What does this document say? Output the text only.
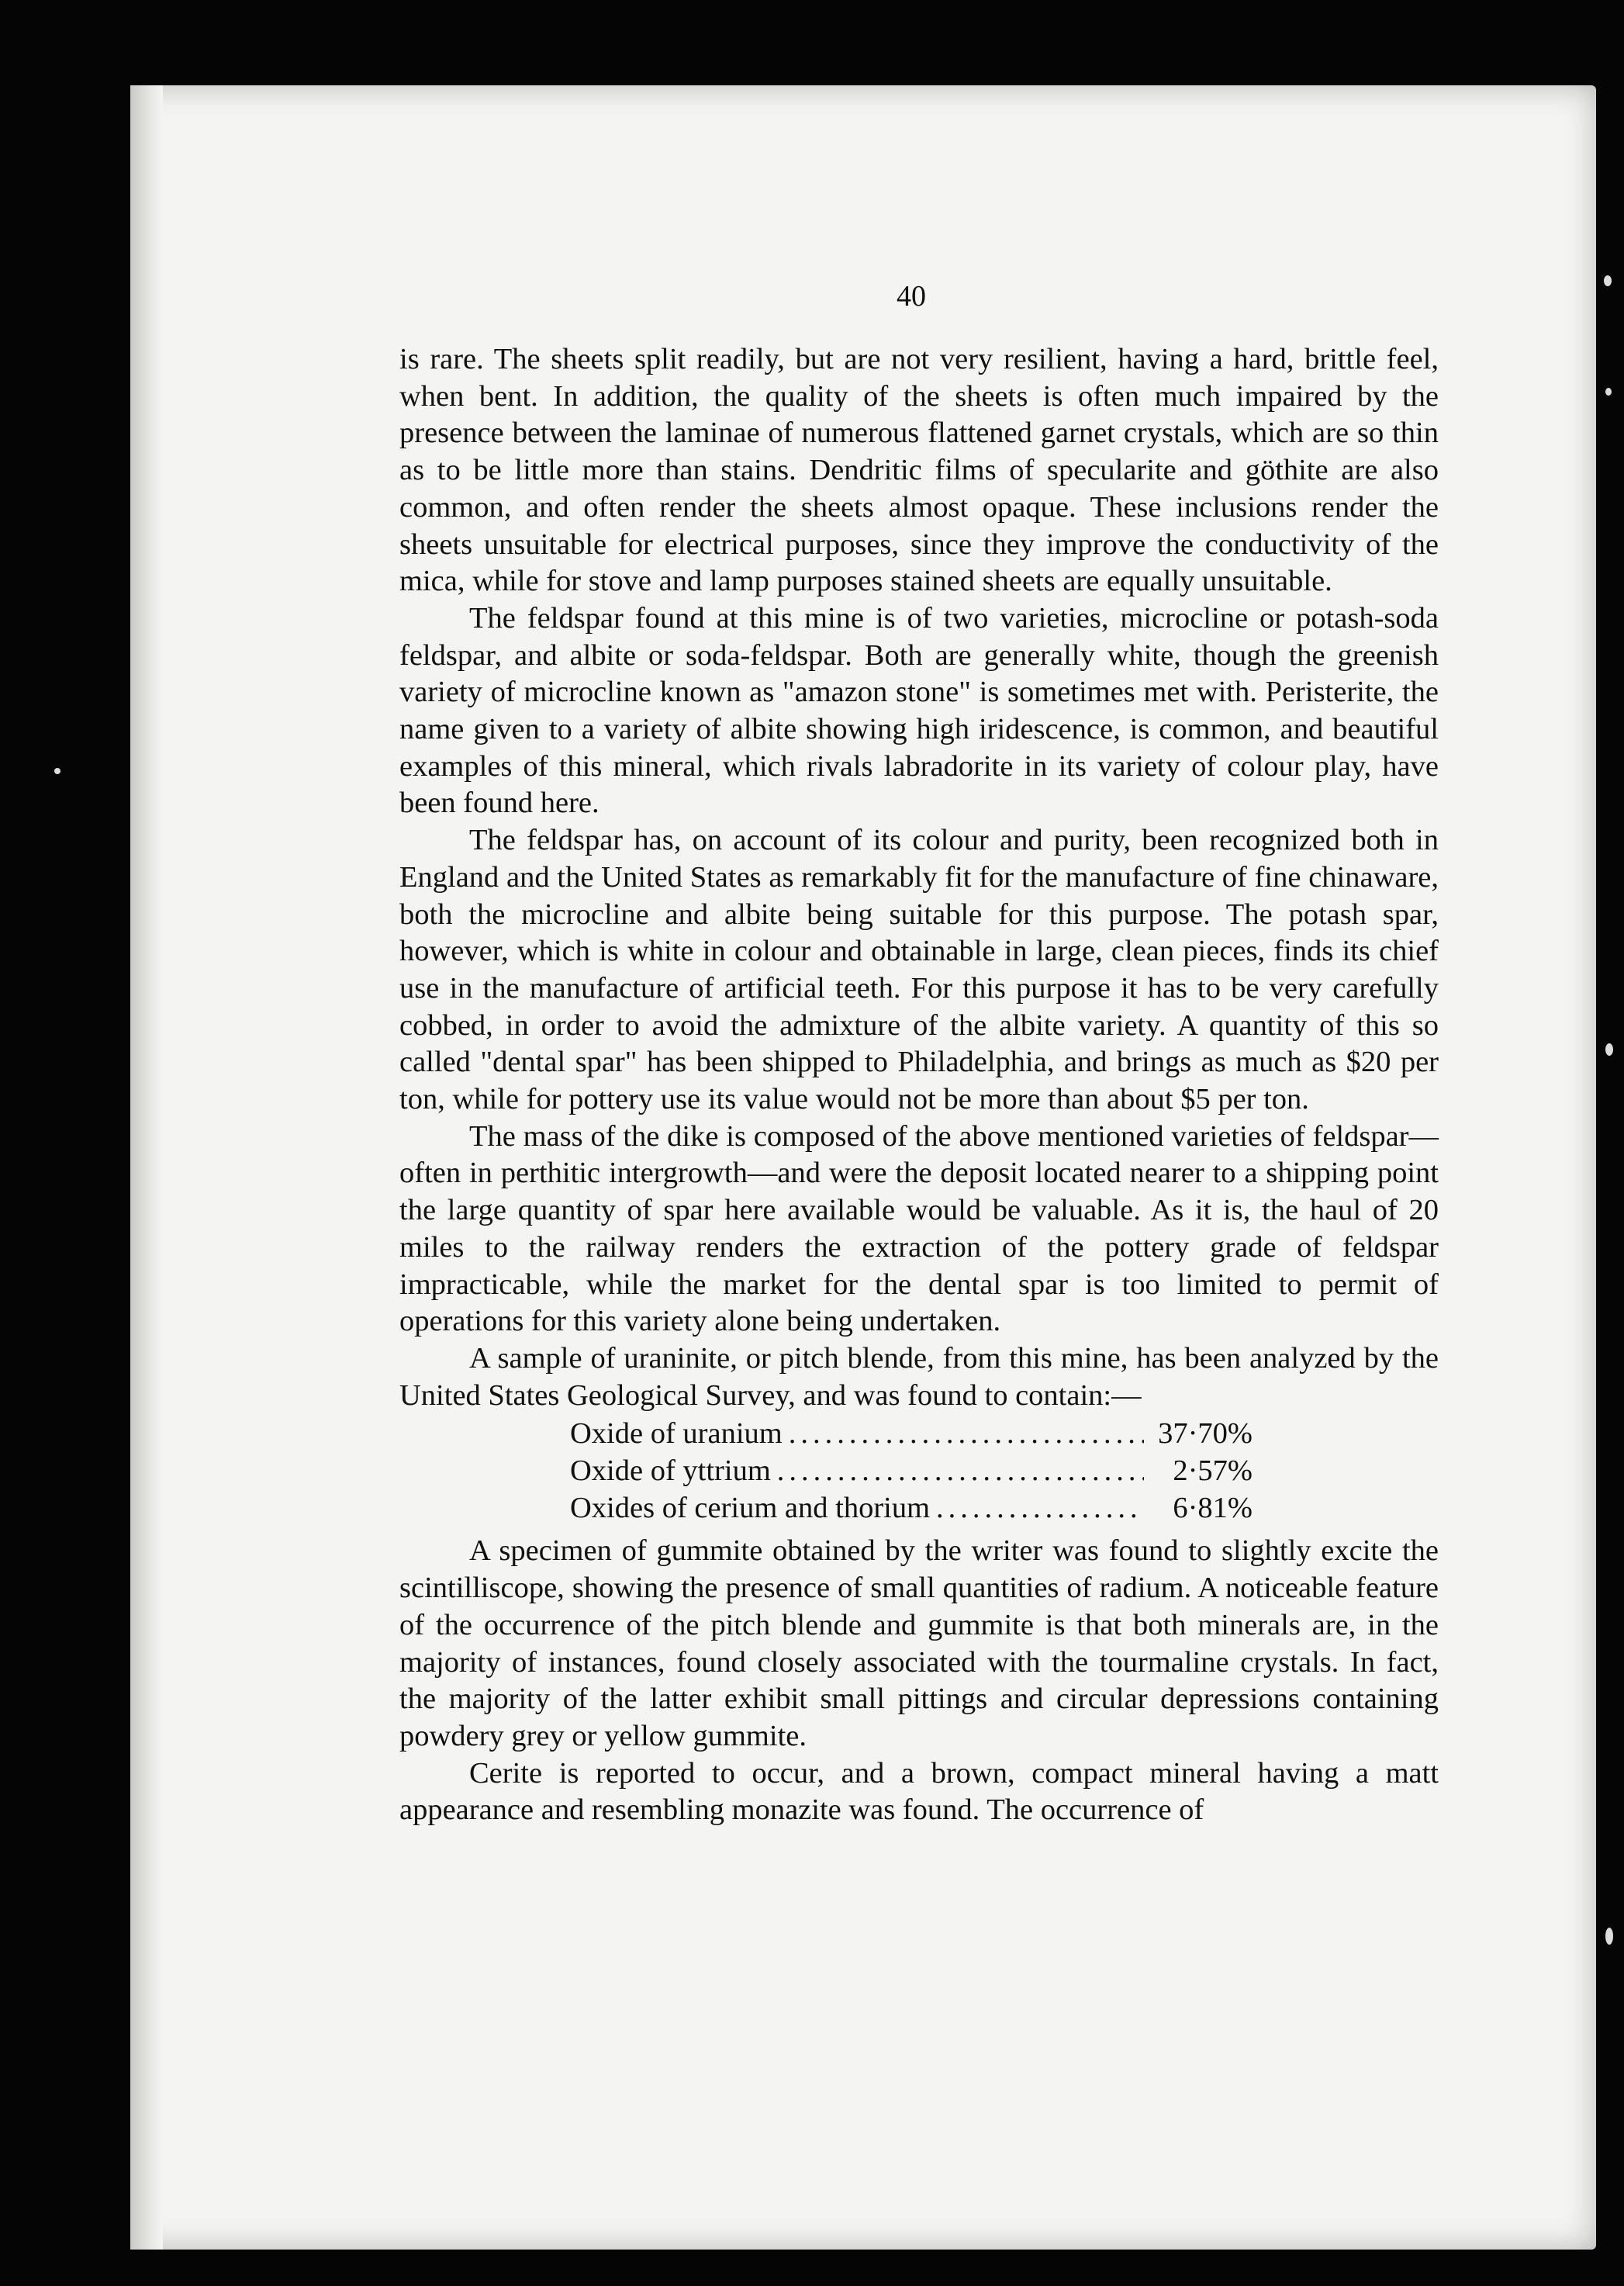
40

is rare. The sheets split readily, but are not very resilient, having a hard, brittle feel, when bent. In addition, the quality of the sheets is often much impaired by the presence between the laminae of numerous flattened garnet crystals, which are so thin as to be little more than stains. Dendritic films of specularite and göthite are also common, and often render the sheets almost opaque. These inclusions render the sheets unsuitable for electrical purposes, since they improve the conductivity of the mica, while for stove and lamp purposes stained sheets are equally unsuitable.

The feldspar found at this mine is of two varieties, microcline or potash-soda feldspar, and albite or soda-feldspar. Both are generally white, though the greenish variety of microcline known as "amazon stone" is sometimes met with. Peristerite, the name given to a variety of albite showing high iridescence, is common, and beautiful examples of this mineral, which rivals labradorite in its variety of colour play, have been found here.

The feldspar has, on account of its colour and purity, been recognized both in England and the United States as remarkably fit for the manufacture of fine chinaware, both the microcline and albite being suitable for this purpose. The potash spar, however, which is white in colour and obtainable in large, clean pieces, finds its chief use in the manufacture of artificial teeth. For this purpose it has to be very carefully cobbed, in order to avoid the admixture of the albite variety. A quantity of this so called "dental spar" has been shipped to Philadelphia, and brings as much as $20 per ton, while for pottery use its value would not be more than about $5 per ton.

The mass of the dike is composed of the above mentioned varieties of feldspar—often in perthitic intergrowth—and were the deposit located nearer to a shipping point the large quantity of spar here available would be valuable. As it is, the haul of 20 miles to the railway renders the extraction of the pottery grade of feldspar impracticable, while the market for the dental spar is too limited to permit of operations for this variety alone being undertaken.

A sample of uraninite, or pitch blende, from this mine, has been analyzed by the United States Geological Survey, and was found to contain:—

Oxide of uranium .....	37·70%
Oxide of yttrium .....	2·57%
Oxides of cerium and thorium .....	6·81%

A specimen of gummite obtained by the writer was found to slightly excite the scintilliscope, showing the presence of small quantities of radium. A noticeable feature of the occurrence of the pitch blende and gummite is that both minerals are, in the majority of instances, found closely associated with the tourmaline crystals. In fact, the majority of the latter exhibit small pittings and circular depressions containing powdery grey or yellow gummite.

Cerite is reported to occur, and a brown, compact mineral having a matt appearance and resembling monazite was found. The occurrence of
